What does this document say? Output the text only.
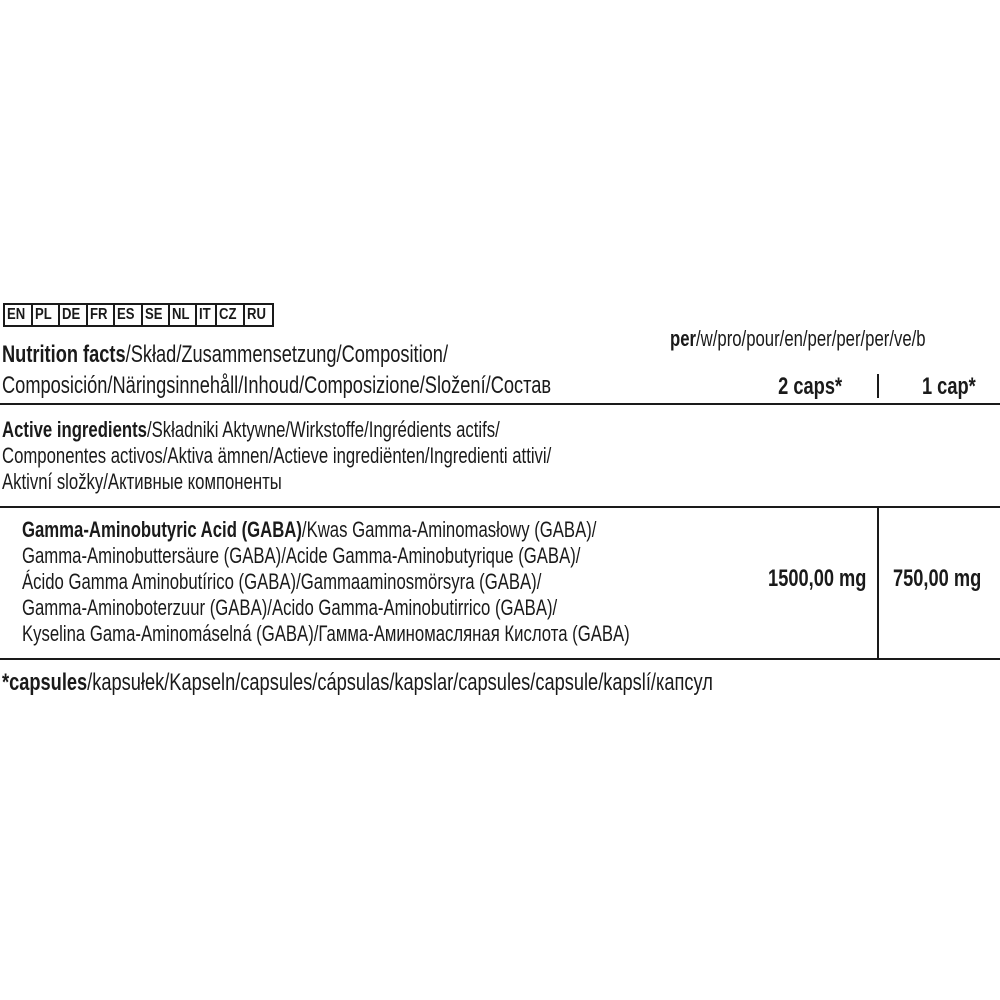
EN PL DE FR ES SE NL IT CZ RU
per/w/pro/pour/en/per/per/per/ve/b
Nutrition facts/Skład/Zusammensetzung/Composition/
Composición/Näringsinnehåll/Inhoud/Composizione/Složení/Состав	2 caps*	1 cap*
Active ingredients/Składniki Aktywne/Wirkstoffe/Ingrédients actifs/
Componentes activos/Aktiva ämnen/Actieve ingrediënten/Ingredienti attivi/
Aktivní složky/Активные компоненты
Gamma-Aminobutyric Acid (GABA)/Kwas Gamma-Aminomasłowy (GABA)/
Gamma-Aminobuttersäure (GABA)/Acide Gamma-Aminobutyrique (GABA)/
Ácido Gamma Aminobutírico (GABA)/Gammaaminosmörsyra (GABA)/
Gamma-Aminoboterzuur (GABA)/Acido Gamma-Aminobutirrico (GABA)/
Kyselina Gama-Aminomáselná (GABA)/Гамма-Аминомасляная Кислота (GABA)
1500,00 mg 750,00 mg
*capsules/kapsułek/Kapseln/capsules/cápsulas/kapslar/capsules/capsule/kapslí/капсул
